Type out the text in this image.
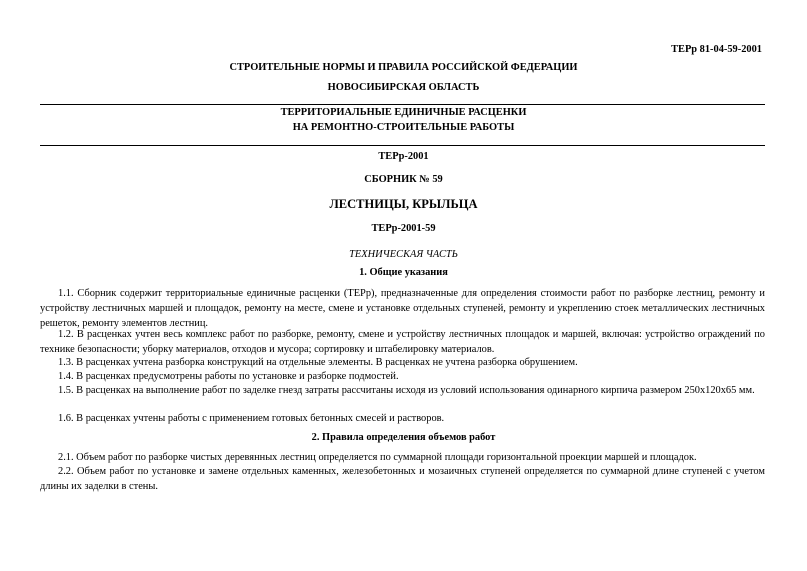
ТЕРр 81-04-59-2001
СТРОИТЕЛЬНЫЕ НОРМЫ И ПРАВИЛА РОССИЙСКОЙ ФЕДЕРАЦИИ
НОВОСИБИРСКАЯ ОБЛАСТЬ
ТЕРРИТОРИАЛЬНЫЕ ЕДИНИЧНЫЕ РАСЦЕНКИ
НА РЕМОНТНО-СТРОИТЕЛЬНЫЕ РАБОТЫ
ТЕРр-2001
СБОРНИК № 59
ЛЕСТНИЦЫ, КРЫЛЬЦА
ТЕРр-2001-59
ТЕХНИЧЕСКАЯ ЧАСТЬ
1. Общие указания
1.1. Сборник содержит территориальные единичные расценки (ТЕРр), предназначенные для определения стоимости работ по разборке лестниц, ремонту и устройству лестничных маршей и площадок, ремонту на месте, смене и установке отдельных ступеней, ремонту и укреплению стоек металлических лестничных решеток, ремонту элементов лестниц.
1.2. В расценках учтен весь комплекс работ по разборке, ремонту, смене и устройству лестничных площадок и маршей, включая: устройство ограждений по технике безопасности; уборку материалов, отходов и мусора; сортировку и штабелировку материалов.
1.3. В расценках учтена разборка конструкций на отдельные элементы. В расценках не учтена разборка обрушением.
1.4. В расценках предусмотрены работы по установке и разборке подмостей.
1.5. В расценках на выполнение работ по заделке гнезд затраты рассчитаны исходя из условий использования одинарного кирпича размером 250х120х65 мм.
1.6. В расценках учтены работы с применением готовых бетонных смесей и растворов.
2. Правила определения объемов работ
2.1. Объем работ по разборке чистых деревянных лестниц определяется по суммарной площади горизонтальной проекции маршей и площадок.
2.2. Объем работ по установке и замене отдельных каменных, железобетонных и мозаичных ступеней определяется по суммарной длине ступеней с учетом длины их заделки в стены.
